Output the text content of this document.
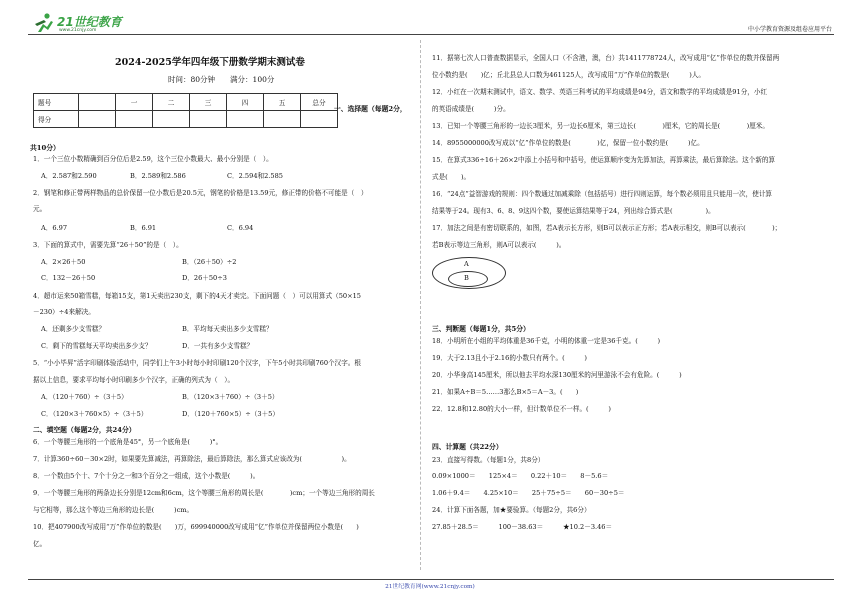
21世纪教育
www.21cnjy.com	中小学教育资源及组卷应用平台
2024-2025学年四年级下册数学期末测试卷
时间：80分钟　　满分：100分
题号		一	二	三	四	五	总分
得分							
一、选择题（每题2分，
共10分）
1．一个三位小数精确到百分位后是2.59，这个三位小数最大、最小分别是（　）。
A．2.587和2.590	B．2.589和2.586	C．2.594和2.585
2．钢笔和修正带两样物品的总价保留一位小数后是20.5元，钢笔的价格是13.59元，修正带的价格不可能是（　）
元。
A．6.97	B．6.91	C．6.94
3．下面的算式中，需要先算“26＋50”的是（　）。
A．2×26＋50	B．（26＋50）÷2
C．132－26＋50	D．26＋50÷3
4．超市运来50箱雪糕，每箱15支，第1天卖出230支，剩下的4天才卖完。下面问题（　）可以用算式（50×15
－230）÷4来解决。
A．还剩多少支雪糕？	B．平均每天卖出多少支雪糕？
C．剩下的雪糕每天平均卖出多少支？	D．一共有多少支雪糕？
5．“小小毕昇”活字印刷体验活动中，同学们上午3小时每小时印刷120个汉字，下午5小时共印刷760个汉字。根
据以上信息，要求平均每小时印刷多少个汉字，正确的列式为（　）。
A．（120＋760）÷（3＋5）	B．（120×3＋760）÷（3＋5）
C．（120×3＋760×5）÷（3＋5）	D．（120＋760×5）÷（3＋5）
二、填空题（每题2分，共24分）
6．一个等腰三角形的一个底角是45°，另一个底角是(　　　)°。
7．计算360÷60－30×2时，如果要先算减法，再算除法，最后算除法，那么算式应该改为(　　　　　　)。
8．一个数由5个十、7个十分之一和3个百分之一组成，这个小数是(　　　)。
9．一个等腰三角形的两条边长分别是12cm和6cm，这个等腰三角形的周长是(　　　　)cm；一个等边三角形的周长
与它相等，那么这个等边三角形的边长是(　　　)cm。
10．把407900改写成用“万”作单位的数是(　　)万，699940000改写成用“亿”作单位并保留两位小数是(　　)
亿。
11．据第七次人口普查数据显示，全国人口（不含港，澳，台）共1411778724人，改写成用“亿”作单位的数并保留两
位小数约是(　　)亿；丘北县总人口数为461125人，改写成用“万”作单位的数是(　　　)人。
12．小红在一次期末测试中，语文、数学、英语三科考试的平均成绩是94分，语文和数学的平均成绩是91分，小红
的英语成绩是(　　　)分。
13．已知一个等腰三角形的一边长3厘米，另一边长6厘米，第三边长(　　　　)厘米，它的周长是(　　　　)厘米。
14．8955000000改写成以“亿”作单位的数是(　　　　)亿，保留一位小数约是(　　　)亿。
15．在算式336÷16＋26×2中添上小括号和中括号，使运算顺序变为先算加法，再算乘法，最后算除法。这个新的算
式是(　　)。
16．“24点”益智游戏的规则：四个数通过加减乘除（包括括号）进行四则运算，每个数必须用且只能用一次，使计算
结果等于24。现有3、6、8、9这四个数，要使运算结果等于24，列出综合算式是(　　　　　)。
17．加法之间是有密切联系的，如图，若A表示长方形，则B可以表示正方形；若A表示相交，则B可以表示(　　　　)；
若B表示等边三角形，则A可以表示(　　　)。
A
B
三、判断题（每题1分，共5分）
18．小明所在小组的平均体重是36千克，小明的体重一定是36千克。(　　　)
19．大于2.13且小于2.16的小数只有两个。(　　　)
20．小华身高145厘米，所以他去平均水深130厘米的河里游泳不会有危险。(　　　)
21．如果A÷B＝5……3那么B×5＝A－3。(　　)
22．12.8和12.80的大小一样，但计数单位不一样。(　　　)
四、计算题（共22分）
23．直接写得数。（每题1分，共8分）
0.09×1000＝　　125×4＝　　0.22＋10＝　　8－5.6＝
1.06＋9.4＝　　4.25×10＝　　25＋75÷5＝　　60－30÷5＝
24．计算下面各题，加★要验算。（每题2分，共6分）
27.85＋28.5＝　　　100－38.63＝　　　★10.2－3.46＝
21世纪教育网(www.21cnjy.com)
